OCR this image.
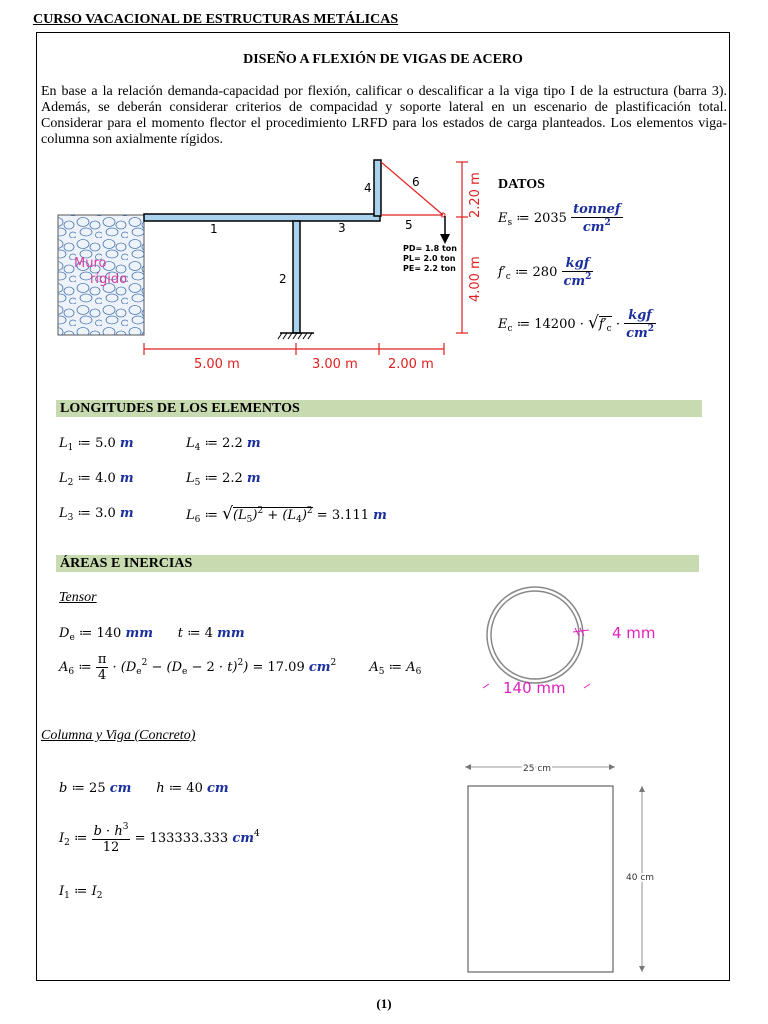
CURSO VACACIONAL DE ESTRUCTURAS METÁLICAS
DISEÑO A FLEXIÓN DE VIGAS DE ACERO
En base a la relación demanda-capacidad por flexión, calificar o descalificar a la viga tipo I de la estructura (barra 3). Además, se deberán considerar criterios de compacidad y soporte lateral en un escenario de plastificación total. Considerar para el momento flector el procedimiento LRFD para los estados de carga planteados. Los elementos viga-columna son axialmente rígidos.
Muro
rígido
1
2
3
4
5
6
PD= 1.8 ton
PL= 2.0 ton
PE= 2.2 ton
2.20 m
4.00 m
5.00 m	3.00 m 2.00 m
DATOS
$E_s$ ≔ $2035 \frac{\text{tonnef}}{cm^2}$
$f'_c$ ≔ $280 \frac{\text{kgf}}{cm^2}$
$E_c$ ≔ $14200 \cdot √f'_c \cdot \frac{\text{kgf}}{cm^2}$
LONGITUDES DE LOS ELEMENTOS
$L_1$ ≔ 5.0 m
$L_2$ ≔ 4.0 m
$L_3$ ≔ 3.0 m
$L_4$ ≔ 2.2 m
$L_5$ ≔ 2.2 m
$L_6$ ≔ $√(L_5)^2 + (L_4)^2 = 3.111$ m
ÁREAS E INERCIAS
Tensor
$D_e$ ≔ 140 mm      t ≔ 4 mm
$A_6$ ≔ $\frac{\pi}{4} \cdot (D_e^2 - (D_e - 2 \cdot t)^2) = 17.09$ $cm^2$        $A_5$ ≔ $A_6$
4 mm
140 mm
Columna y Viga (Concreto)
b ≔ 25 cm      h ≔ 40 cm
$I_2$ ≔ $\frac{b \cdot h^3}{12} = 133333.333$ $cm^4$
$I_1$ ≔ $I_2$
25 cm
40 cm
(1)
